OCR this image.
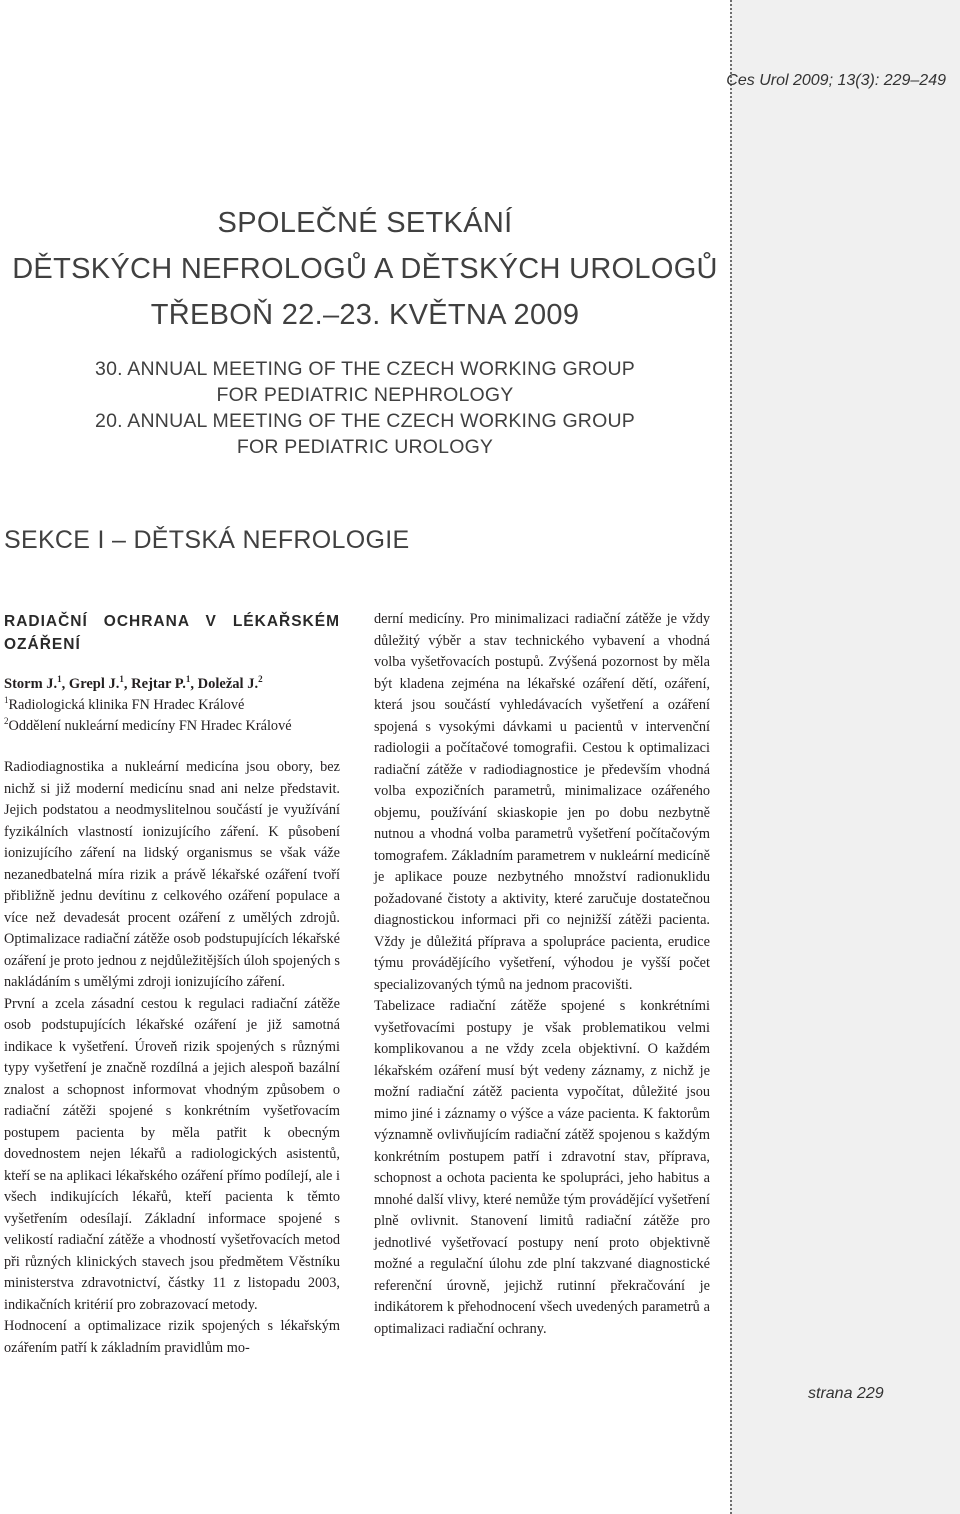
Ces Urol 2009; 13(3): 229–249
SPOLEČNÉ SETKÁNÍ
DĚTSKÝCH NEFROLOGŮ A DĚTSKÝCH UROLOGŮ
TŘEBOŇ 22.–23. KVĚTNA 2009
30. ANNUAL MEETING OF THE CZECH WORKING GROUP
FOR PEDIATRIC NEPHROLOGY
20. ANNUAL MEETING OF THE CZECH WORKING GROUP
FOR PEDIATRIC UROLOGY
SEKCE I – DĚTSKÁ NEFROLOGIE
RADIAČNÍ OCHRANA V LÉKAŘSKÉM OZÁŘENÍ
Storm J.$^1$, Grepl J.$^1$, Rejtar P.$^1$, Doležal J.$^2$
$^1$Radiologická klinika FN Hradec Králové
$^2$Oddělení nukleární medicíny FN Hradec Králové

Radiodiagnostika a nukleární medicína jsou obory, bez nichž si již moderní medicínu snad ani nelze představit. Jejich podstatou a neodmyslitelnou součástí je využívání fyzikálních vlastností ionizujícího záření. K působení ionizujícího záření na lidský organismus se však váže nezanedbatelná míra rizik a právě lékařské ozáření tvoří přibližně jednu devítinu z celkového ozáření populace a více než devadesát procent ozáření z umělých zdrojů. Optimalizace radiační zátěže osob podstupujících lékařské ozáření je proto jednou z nejdůležitějších úloh spojených s nakládáním s umělými zdroji ionizujícího záření.

První a zcela zásadní cestou k regulaci radiační zátěže osob podstupujících lékařské ozáření je již samotná indikace k vyšetření. Úroveň rizik spojených s různými typy vyšetření je značně rozdílná a jejich alespoň bazální znalost a schopnost informovat vhodným způsobem o radiační zátěži spojené s konkrétním vyšetřovacím postupem pacienta by měla patřit k obecným dovednostem nejen lékařů a radiologických asistentů, kteří se na aplikaci lékařského ozáření přímo podílejí, ale i všech indikujících lékařů, kteří pacienta k těmto vyšetřením odesílají. Základní informace spojené s velikostí radiační zátěže a vhodností vyšetřovacích metod při různých klinických stavech jsou předmětem Věstníku ministerstva zdravotnictví, částky 11 z listopadu 2003, indikačních kritérií pro zobrazovací metody.

Hodnocení a optimalizace rizik spojených s lékařským ozářením patří k základním pravidlům mo-

derní medicíny. Pro minimalizaci radiační zátěže je vždy důležitý výběr a stav technického vybavení a vhodná volba vyšetřovacích postupů. Zvýšená pozornost by měla být kladena zejména na lékařské ozáření dětí, ozáření, která jsou součástí vyhledávacích vyšetření a ozáření spojená s vysokými dávkami u pacientů v intervenční radiologii a počítačové tomografii. Cestou k optimalizaci radiační zátěže v radiodiagnostice je především vhodná volba expozičních parametrů, minimalizace ozářeného objemu, používání skiaskopie jen po dobu nezbytně nutnou a vhodná volba parametrů vyšetření počítačovým tomografem. Základním parametrem v nukleární medicíně je aplikace pouze nezbytného množství radionuklidu požadované čistoty a aktivity, které zaručuje dostatečnou diagnostickou informaci při co nejnižší zátěži pacienta. Vždy je důležitá příprava a spolupráce pacienta, erudice týmu provádějícího vyšetření, výhodou je vyšší počet specializovaných týmů na jednom pracovišti.

Tabelizace radiační zátěže spojené s konkrétními vyšetřovacími postupy je však problematikou velmi komplikovanou a ne vždy zcela objektivní. O každém lékařském ozáření musí být vedeny záznamy, z nichž je možní radiační zátěž pacienta vypočítat, důležité jsou mimo jiné i záznamy o výšce a váze pacienta. K faktorům významně ovlivňujícím radiační zátěž spojenou s každým konkrétním postupem patří i zdravotní stav, příprava, schopnost a ochota pacienta ke spolupráci, jeho habitus a mnohé další vlivy, které nemůže tým provádějící vyšetření plně ovlivnit. Stanovení limitů radiační zátěže pro jednotlivé vyšetřovací postupy není proto objektivně možné a regulační úlohu zde plní takzvané diagnostické referenční úrovně, jejichž rutinní překračování je indikátorem k přehodnocení všech uvedených parametrů a optimalizaci radiační ochrany.

strana 229
